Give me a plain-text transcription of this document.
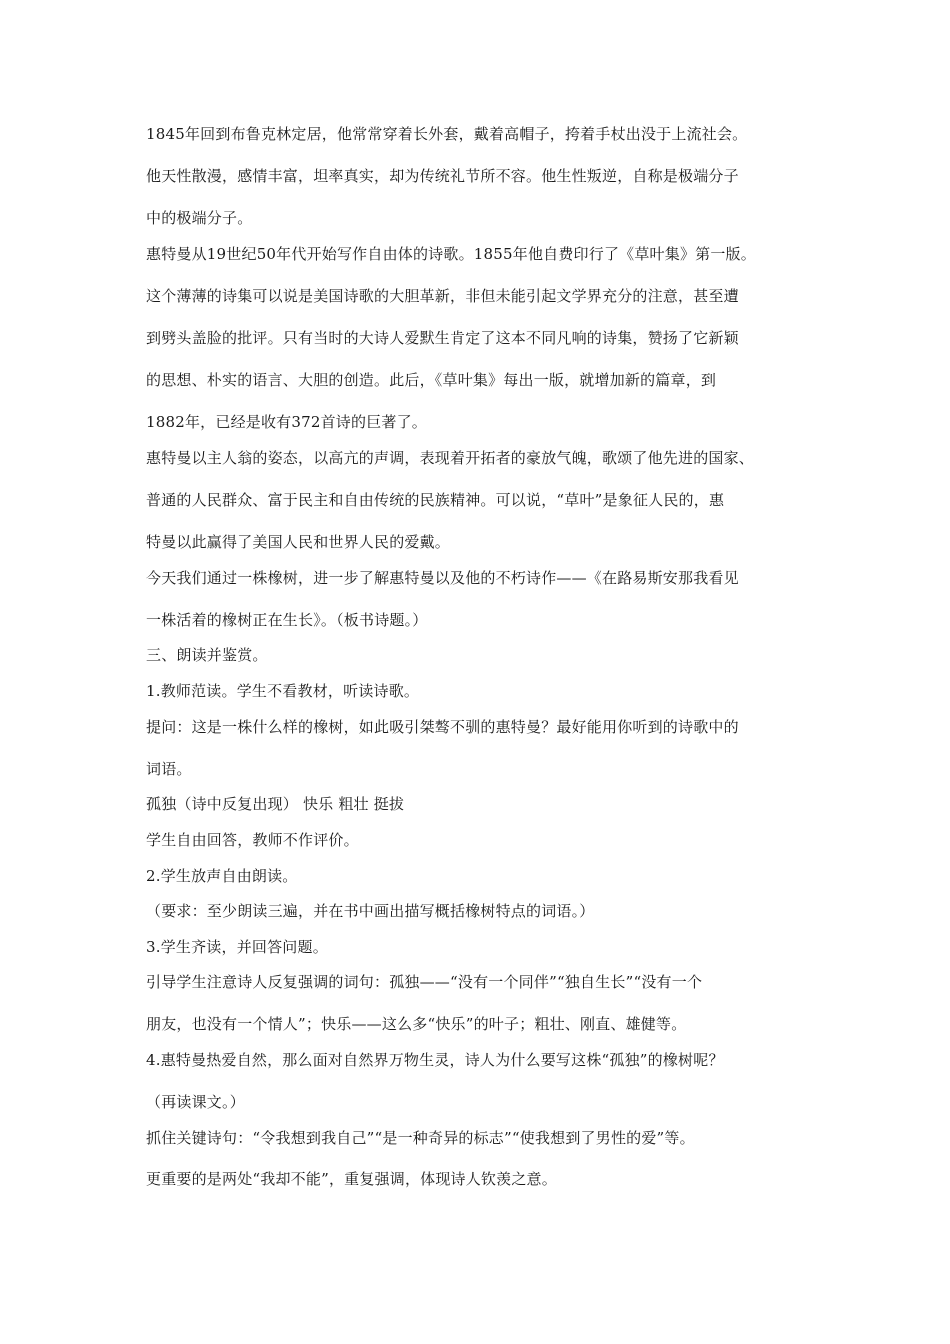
1845年回到布鲁克林定居，他常常穿着长外套，戴着高帽子，挎着手杖出没于上流社会。
他天性散漫，感情丰富，坦率真实，却为传统礼节所不容。他生性叛逆，自称是极端分子
中的极端分子。
惠特曼从19世纪50年代开始写作自由体的诗歌。1855年他自费印行了《草叶集》第一版。
这个薄薄的诗集可以说是美国诗歌的大胆革新，非但未能引起文学界充分的注意，甚至遭
到劈头盖脸的批评。只有当时的大诗人爱默生肯定了这本不同凡响的诗集，赞扬了它新颖
的思想、朴实的语言、大胆的创造。此后，《草叶集》每出一版，就增加新的篇章，到
1882年，已经是收有372首诗的巨著了。
惠特曼以主人翁的姿态，以高亢的声调，表现着开拓者的豪放气魄，歌颂了他先进的国家、
普通的人民群众、富于民主和自由传统的民族精神。可以说，“草叶”是象征人民的，惠
特曼以此赢得了美国人民和世界人民的爱戴。
今天我们通过一株橡树，进一步了解惠特曼以及他的不朽诗作——《在路易斯安那我看见
一株活着的橡树正在生长》。（板书诗题。）
三、朗读并鉴赏。
1.教师范读。学生不看教材，听读诗歌。
提问：这是一株什么样的橡树，如此吸引桀骜不驯的惠特曼？最好能用你听到的诗歌中的
词语。
孤独（诗中反复出现） 快乐 粗壮 挺拔
学生自由回答，教师不作评价。
2.学生放声自由朗读。
（要求：至少朗读三遍，并在书中画出描写概括橡树特点的词语。）
3.学生齐读，并回答问题。
引导学生注意诗人反复强调的词句：孤独——“没有一个同伴”“独自生长”“没有一个
朋友，也没有一个情人”；快乐——这么多“快乐”的叶子；粗壮、刚直、雄健等。
4.惠特曼热爱自然，那么面对自然界万物生灵，诗人为什么要写这株“孤独”的橡树呢？
（再读课文。）
抓住关键诗句：“令我想到我自己”“是一种奇异的标志”“使我想到了男性的爱”等。
更重要的是两处“我却不能”，重复强调，体现诗人钦羡之意。
